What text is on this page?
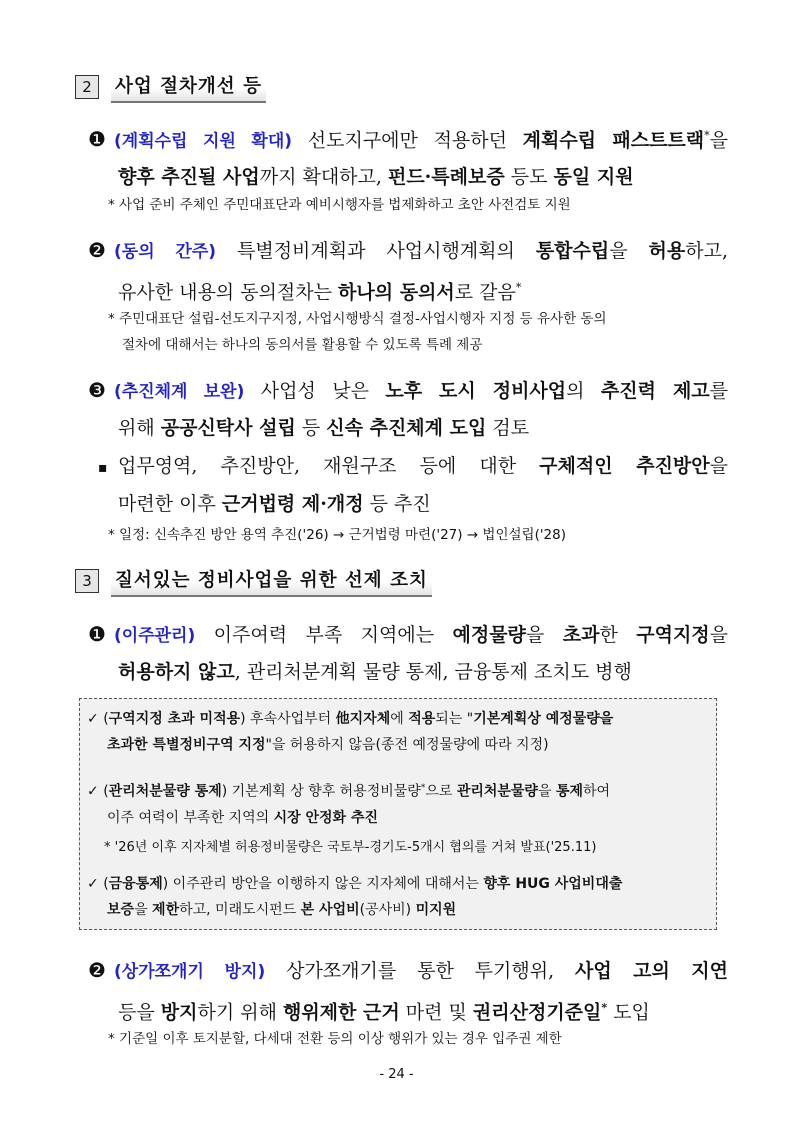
2	사업 절차개선 등
❶ (계획수립 지원 확대) 선도지구에만 적용하던 계획수립 패스트트랙*을
향후 추진될 사업까지 확대하고, 펀드·특례보증 등도 동일 지원
* 사업 준비 주체인 주민대표단과 예비시행자를 법제화하고 초안 사전검토 지원
❷ (동의 간주) 특별정비계획과 사업시행계획의 통합수립을 허용하고,
유사한 내용의 동의절차는 하나의 동의서로 갈음*
* 주민대표단 설립-선도지구지정, 사업시행방식 결정-사업시행자 지정 등 유사한 동의
절차에 대해서는 하나의 동의서를 활용할 수 있도록 특례 제공
❸ (추진체계 보완) 사업성 낮은 노후 도시 정비사업의 추진력 제고를
위해 공공신탁사 설립 등 신속 추진체계 도입 검토
▪ 업무영역, 추진방안, 재원구조 등에 대한 구체적인 추진방안을
마련한 이후 근거법령 제·개정 등 추진
* 일정: 신속추진 방안 용역 추진('26) → 근거법령 마련('27) → 법인설립('28)
3	질서있는 정비사업을 위한 선제 조치
❶ (이주관리) 이주여력 부족 지역에는 예정물량을 초과한 구역지정을
허용하지 않고, 관리처분계획 물량 통제, 금융통제 조치도 병행
✓ (구역지정 초과 미적용) 후속사업부터 他지자체에 적용되는 "기본계획상 예정물량을
초과한 특별정비구역 지정"을 허용하지 않음(종전 예정물량에 따라 지정)
✓ (관리처분물량 통제) 기본계획 상 향후 허용정비물량*으로 관리처분물량을 통제하여
이주 여력이 부족한 지역의 시장 안정화 추진
* '26년 이후 지자체별 허용정비물량은 국토부-경기도-5개시 협의를 거쳐 발표('25.11)
✓ (금융통제) 이주관리 방안을 이행하지 않은 지자체에 대해서는 향후 HUG 사업비대출
보증을 제한하고, 미래도시펀드 본 사업비(공사비) 미지원
❷ (상가쪼개기 방지) 상가쪼개기를 통한 투기행위, 사업 고의 지연
등을 방지하기 위해 행위제한 근거 마련 및 권리산정기준일* 도입
* 기준일 이후 토지분할, 다세대 전환 등의 이상 행위가 있는 경우 입주권 제한
- 24 -
